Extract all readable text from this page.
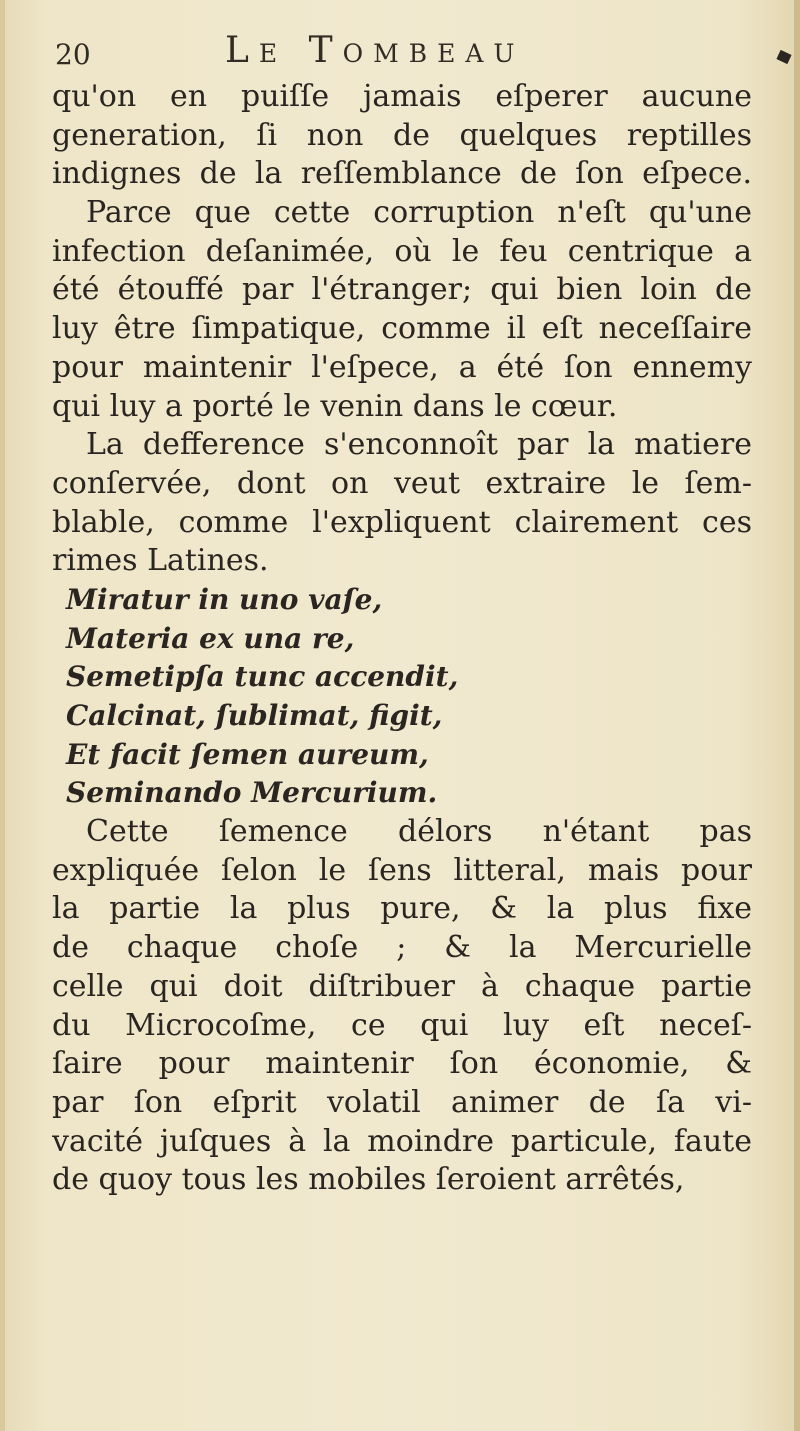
20	Le Tombeau
qu'on en puiſſe jamais eſperer aucune
generation, ſi non de quelques reptilles
indignes de la reſſemblance de ſon eſpece.
Parce que cette corruption n'eſt qu'une
infection deſanimée, où le feu centrique a
été étouffé par l'étranger; qui bien loin de
luy être ſimpatique, comme il eſt neceſſaire
pour maintenir l'eſpece, a été ſon ennemy
qui luy a porté le venin dans le cœur.
La defference s'enconnoît par la matiere
conſervée, dont on veut extraire le ſem-
blable, comme l'expliquent clairement ces
rimes Latines.
Miratur in uno vaſe,
Materia ex una re,
Semetipſa tunc accendit,
Calcinat, ſublimat, figit,
Et facit ſemen aureum,
Seminando Mercurium.
Cette ſemence délors n'étant pas
expliquée ſelon le ſens litteral, mais pour
la partie la plus pure, & la plus fixe
de chaque choſe ; & la Mercurielle
celle qui doit diſtribuer à chaque partie
du Microcoſme, ce qui luy eſt neceſ-
ſaire pour maintenir ſon économie, &
par ſon eſprit volatil animer de ſa vi-
vacité juſques à la moindre particule, faute
de quoy tous les mobiles ſeroient arrêtés,
